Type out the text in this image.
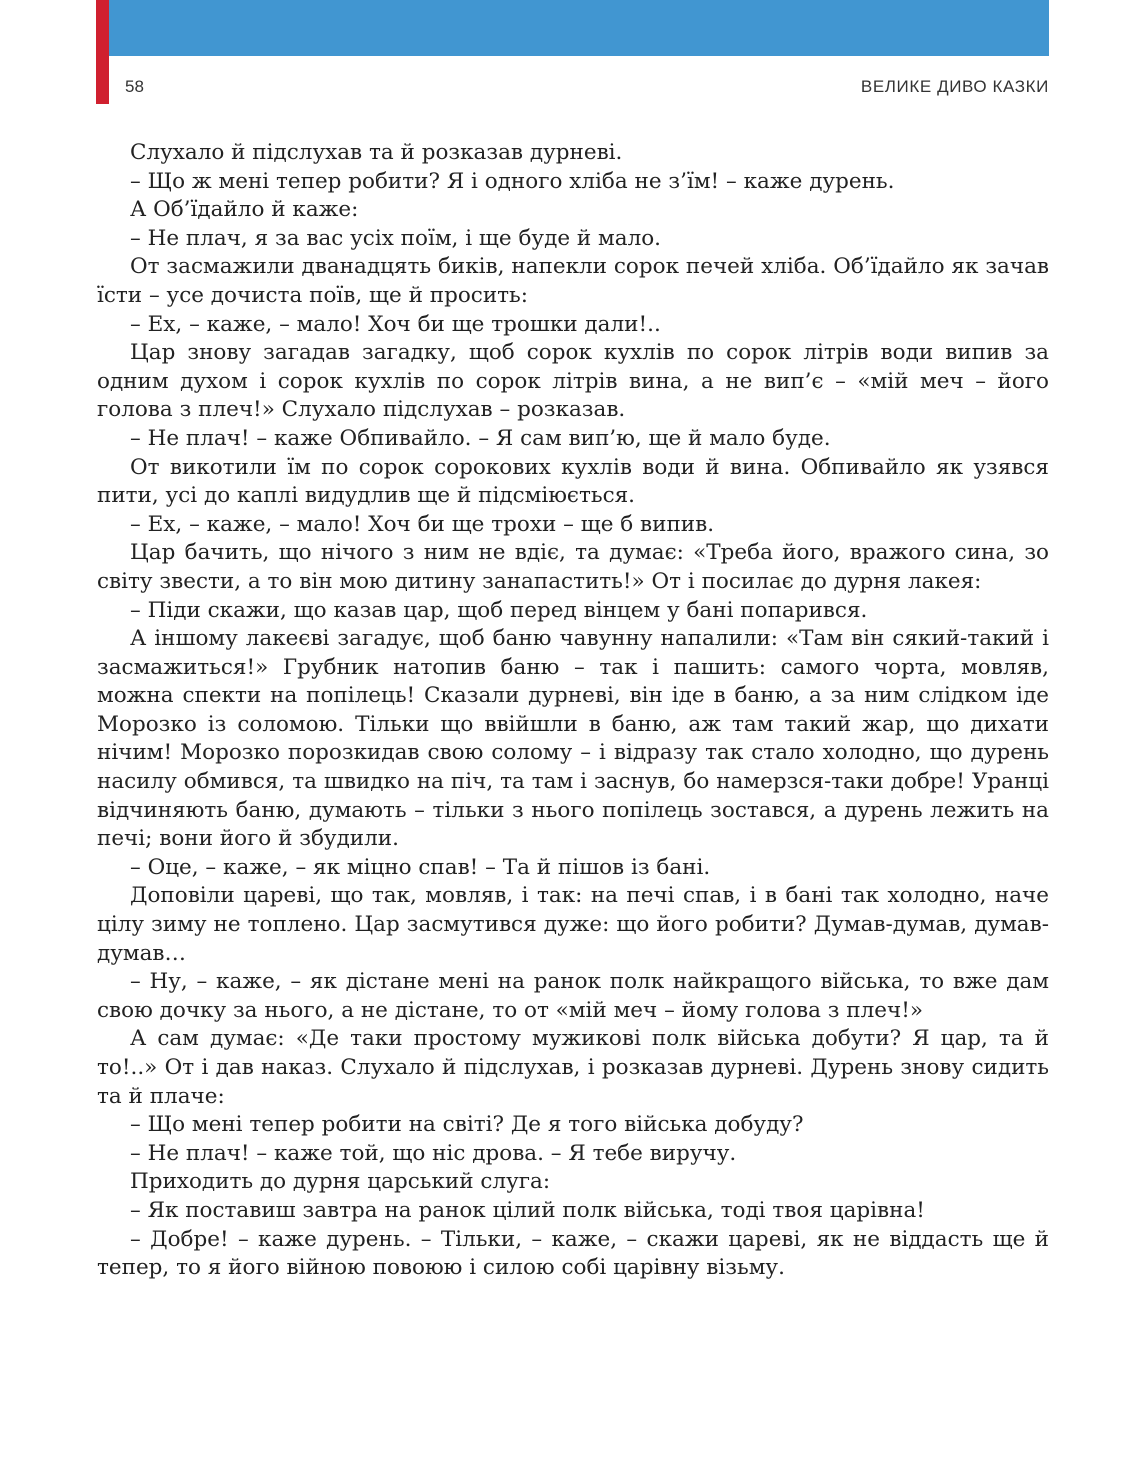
58	ВЕЛИКЕ ДИВО КАЗКИ

Слухало й підслухав та й розказав дурневі.

– Що ж мені тепер робити? Я і одного хліба не з’їм! – каже дурень.

А Об’їдайло й каже:

– Не плач, я за вас усіх поїм, і ще буде й мало.

От засмажили дванадцять биків, напекли сорок печей хліба. Об’їдайло як зачав їсти – усе дочиста поїв, ще й просить:

– Ех, – каже, – мало! Хоч би ще трошки дали!..

Цар знову загадав загадку, щоб сорок кухлів по сорок літрів води випив за одним духом і сорок кухлів по сорок літрів вина, а не вип’є – «мій меч – його голова з плеч!» Слухало підслухав – розказав.

– Не плач! – каже Обпивайло. – Я сам вип’ю, ще й мало буде.

От викотили їм по сорок сорокових кухлів води й вина. Обпивайло як узявся пити, усі до каплі видудлив ще й підсміюється.

– Ех, – каже, – мало! Хоч би ще трохи – ще б випив.

Цар бачить, що нічого з ним не вдіє, та думає: «Треба його, вражого сина, зо світу звести, а то він мою дитину занапастить!» От і посилає до дурня лакея:

– Піди скажи, що казав цар, щоб перед вінцем у бані попарився.

А іншому лакеєві загадує, щоб баню чавунну напалили: «Там він сякий-такий і засмажиться!» Грубник натопив баню – так і пашить: самого чорта, мовляв, можна спекти на попілець! Сказали дурневі, він іде в баню, а за ним слідком іде Морозко із соломою. Тільки що ввійшли в баню, аж там такий жар, що дихати нічим! Морозко порозкидав свою солому – і відразу так стало холодно, що дурень насилу обмився, та швидко на піч, та там і заснув, бо намерзся-таки добре! Уранці відчиняють баню, думають – тільки з нього попілець зостався, а дурень лежить на печі; вони його й збудили.

– Оце, – каже, – як міцно спав! – Та й пішов із бані.

Доповіли цареві, що так, мовляв, і так: на печі спав, і в бані так холодно, наче цілу зиму не топлено. Цар засмутився дуже: що його робити? Думав-думав, думав-думав…

– Ну, – каже, – як дістане мені на ранок полк найкращого війська, то вже дам свою дочку за нього, а не дістане, то от «мій меч – йому голова з плеч!»

А сам думає: «Де таки простому мужикові полк війська добути? Я цар, та й то!..» От і дав наказ. Слухало й підслухав, і розказав дурневі. Дурень знову сидить та й плаче:

– Що мені тепер робити на світі? Де я того війська добуду?

– Не плач! – каже той, що ніс дрова. – Я тебе виручу.

Приходить до дурня царський слуга:

– Як поставиш завтра на ранок цілий полк війська, тоді твоя царівна!

– Добре! – каже дурень. – Тільки, – каже, – скажи цареві, як не віддасть ще й тепер, то я його війною повоюю і силою собі царівну візьму.
